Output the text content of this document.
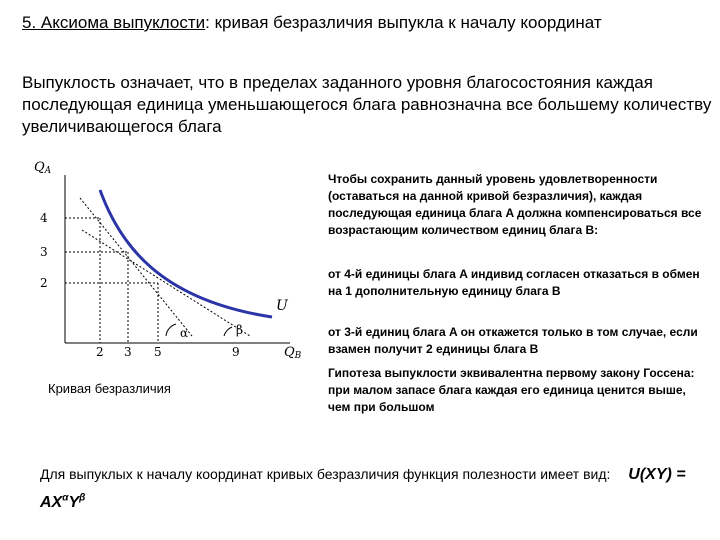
5. Аксиома выпуклости: кривая безразличия выпукла к началу координат
Выпуклость означает, что в пределах заданного уровня благосостояния каждая последующая единица уменьшающегося блага равнозначна все большему количеству увеличивающегося блага
QA
QB
U
α	β
4
3
2
2 3 5	9
Кривая безразличия
Чтобы сохранить данный уровень удовлетворенности (оставаться на данной кривой безразличия), каждая последующая единица блага A должна компенсироваться все возрастающим количеством единиц блага B:
от 4-й единицы блага A индивид согласен отказаться в обмен на 1 дополнительную единицу блага B
от 3-й единиц блага A он откажется только в том случае, если взамен получит 2 единицы блага B
Гипотеза выпуклости эквивалентна первому закону Госсена: при малом запасе блага каждая его единица ценится выше, чем при большом
Для выпуклых к началу координат кривых безразличия функция полезности имеет вид: $U(XY) = AX^\alpha Y^\beta$
